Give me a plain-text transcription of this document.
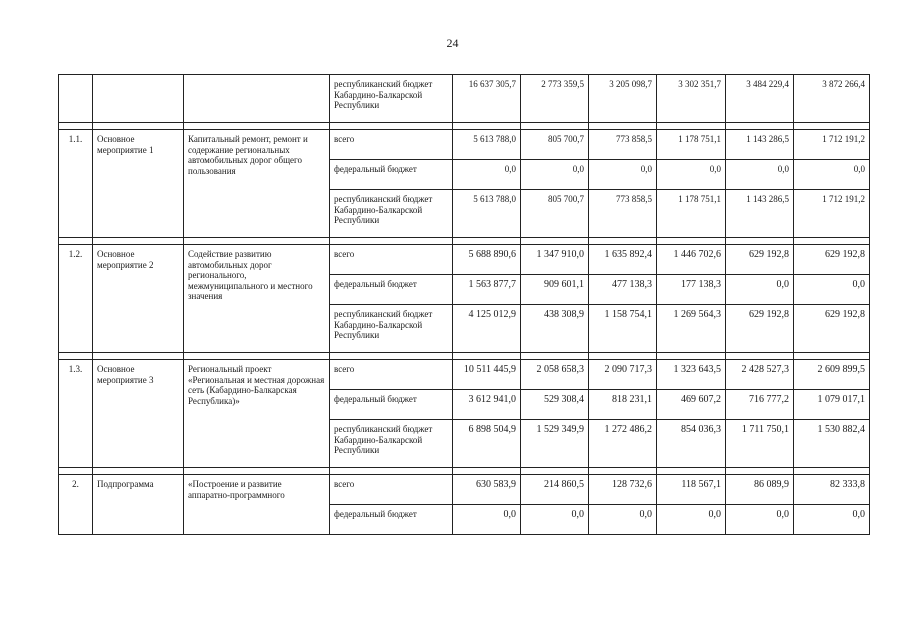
24
			республиканский бюджет Кабардино-Балкарской Республики	16 637 305,7	2 773 359,5	3 205 098,7	3 302 351,7	3 484 229,4	3 872 266,4

1.1.	Основное мероприятие 1	Капитальный ремонт, ремонт и содержание региональных автомобильных дорог общего пользования	всего	5 613 788,0	805 700,7	773 858,5	1 178 751,1	1 143 286,5	1 712 191,2
			федеральный бюджет	0,0	0,0	0,0	0,0	0,0	0,0
			республиканский бюджет Кабардино-Балкарской Республики	5 613 788,0	805 700,7	773 858,5	1 178 751,1	1 143 286,5	1 712 191,2

1.2.	Основное мероприятие 2	Содействие развитию автомобильных дорог регионального, межмуниципального и местного значения	всего	5 688 890,6	1 347 910,0	1 635 892,4	1 446 702,6	629 192,8	629 192,8
			федеральный бюджет	1 563 877,7	909 601,1	477 138,3	177 138,3	0,0	0,0
			республиканский бюджет Кабардино-Балкарской Республики	4 125 012,9	438 308,9	1 158 754,1	1 269 564,3	629 192,8	629 192,8

1.3.	Основное мероприятие 3	Региональный проект «Региональная и местная дорожная сеть (Кабардино-Балкарская Республика)»	всего	10 511 445,9	2 058 658,3	2 090 717,3	1 323 643,5	2 428 527,3	2 609 899,5
			федеральный бюджет	3 612 941,0	529 308,4	818 231,1	469 607,2	716 777,2	1 079 017,1
			республиканский бюджет Кабардино-Балкарской Республики	6 898 504,9	1 529 349,9	1 272 486,2	854 036,3	1 711 750,1	1 530 882,4

2.	Подпрограмма	«Построение и развитие аппаратно-программного	всего	630 583,9	214 860,5	128 732,6	118 567,1	86 089,9	82 333,8
			федеральный бюджет	0,0	0,0	0,0	0,0	0,0	0,0
